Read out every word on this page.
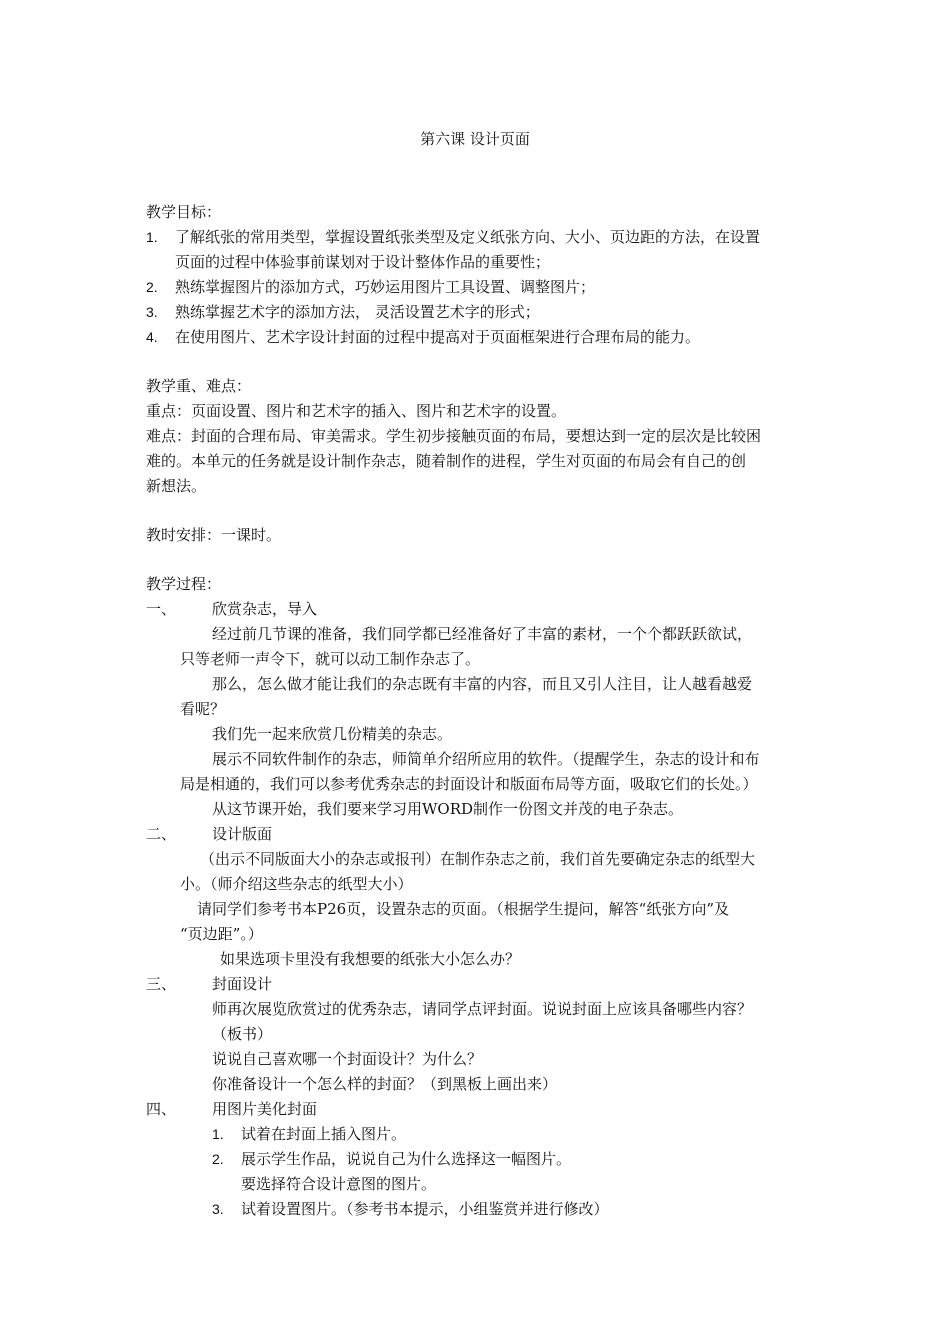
第六课 设计页面
教学目标：
1. 了解纸张的常用类型，掌握设置纸张类型及定义纸张方向、大小、页边距的方法，在设置
页面的过程中体验事前谋划对于设计整体作品的重要性；
2. 熟练掌握图片的添加方式，巧妙运用图片工具设置、调整图片；
3. 熟练掌握艺术字的添加方法， 灵活设置艺术字的形式；
4. 在使用图片、艺术字设计封面的过程中提高对于页面框架进行合理布局的能力。
教学重、难点：
重点：页面设置、图片和艺术字的插入、图片和艺术字的设置。
难点：封面的合理布局、审美需求。学生初步接触页面的布局，要想达到一定的层次是比较困
难的。本单元的任务就是设计制作杂志，随着制作的进程，学生对页面的布局会有自己的创
新想法。
教时安排：一课时。
教学过程：
一、 欣赏杂志，导入
经过前几节课的准备，我们同学都已经准备好了丰富的素材，一个个都跃跃欲试，
只等老师一声令下，就可以动工制作杂志了。
那么，怎么做才能让我们的杂志既有丰富的内容，而且又引人注目，让人越看越爱
看呢？
我们先一起来欣赏几份精美的杂志。
展示不同软件制作的杂志，师简单介绍所应用的软件。（提醒学生，杂志的设计和布
局是相通的，我们可以参考优秀杂志的封面设计和版面布局等方面，吸取它们的长处。）
从这节课开始，我们要来学习用WORD制作一份图文并茂的电子杂志。
二、 设计版面
（出示不同版面大小的杂志或报刊）在制作杂志之前，我们首先要确定杂志的纸型大
小。（师介绍这些杂志的纸型大小）
请同学们参考书本P26页，设置杂志的页面。（根据学生提问，解答“纸张方向”及
“页边距”。）
如果选项卡里没有我想要的纸张大小怎么办？
三、 封面设计
师再次展览欣赏过的优秀杂志，请同学点评封面。说说封面上应该具备哪些内容？
（板书）
说说自己喜欢哪一个封面设计？为什么？
你准备设计一个怎么样的封面？（到黑板上画出来）
四、 用图片美化封面
1. 试着在封面上插入图片。
2. 展示学生作品，说说自己为什么选择这一幅图片。
要选择符合设计意图的图片。
3. 试着设置图片。（参考书本提示，小组鉴赏并进行修改）
